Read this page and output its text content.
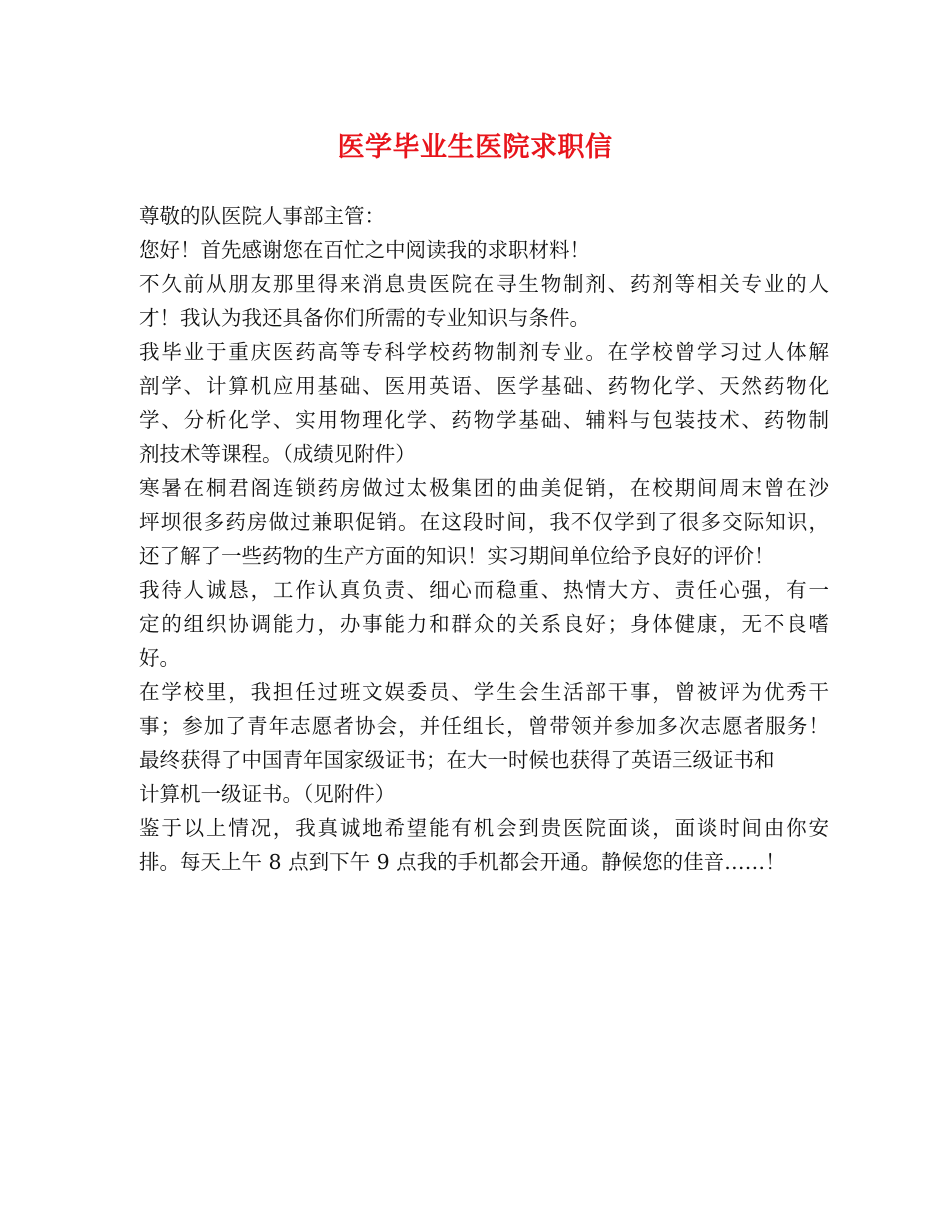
医学毕业生医院求职信
尊敬的队医院人事部主管：
您好！首先感谢您在百忙之中阅读我的求职材料！
不久前从朋友那里得来消息贵医院在寻生物制剂、药剂等相关专业的人
才！我认为我还具备你们所需的专业知识与条件。
我毕业于重庆医药高等专科学校药物制剂专业。在学校曾学习过人体解
剖学、计算机应用基础、医用英语、医学基础、药物化学、天然药物化
学、分析化学、实用物理化学、药物学基础、辅料与包装技术、药物制
剂技术等课程。（成绩见附件）
寒暑在桐君阁连锁药房做过太极集团的曲美促销，在校期间周末曾在沙
坪坝很多药房做过兼职促销。在这段时间，我不仅学到了很多交际知识，
还了解了一些药物的生产方面的知识！实习期间单位给予良好的评价！
我待人诚恳，工作认真负责、细心而稳重、热情大方、责任心强，有一
定的组织协调能力，办事能力和群众的关系良好；身体健康，无不良嗜
好。
在学校里，我担任过班文娱委员、学生会生活部干事，曾被评为优秀干
事；参加了青年志愿者协会，并任组长，曾带领并参加多次志愿者服务！
最终获得了中国青年国家级证书；在大一时候也获得了英语三级证书和
计算机一级证书。（见附件）
鉴于以上情况，我真诚地希望能有机会到贵医院面谈，面谈时间由你安
排。每天上午 8 点到下午 9 点我的手机都会开通。静候您的佳音……！
